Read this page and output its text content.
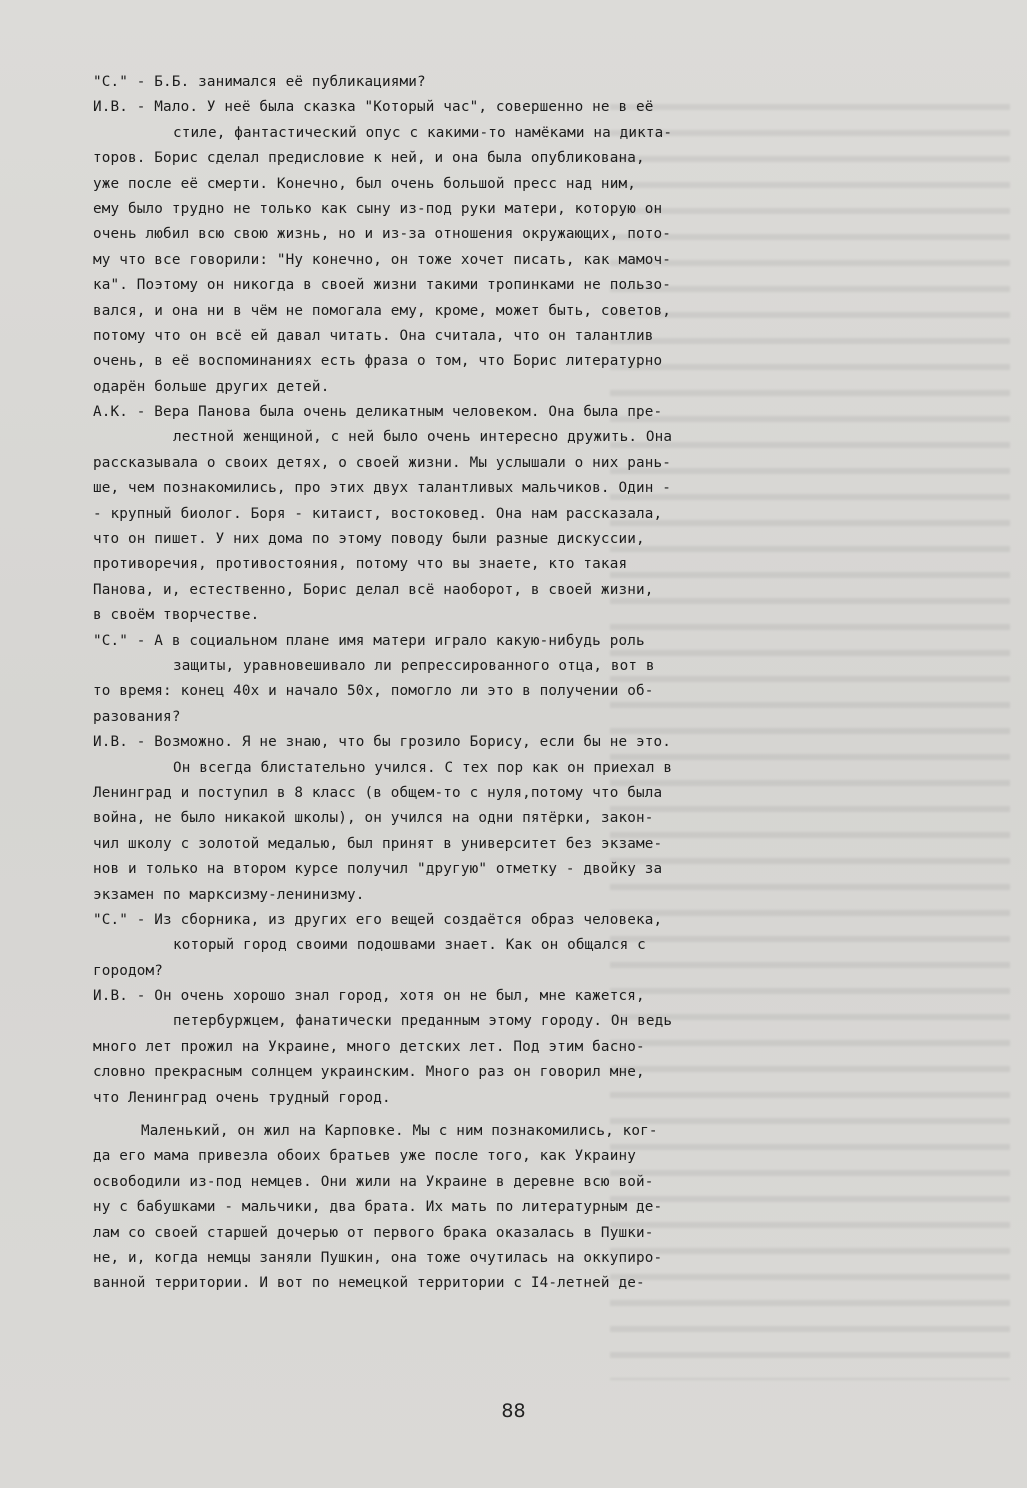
"С." - Б.Б. занимался её публикациями?
И.В. - Мало. У неё была сказка "Который час", совершенно не в её
стиле, фантастический опус с какими-то намёками на дикта-
торов. Борис сделал предисловие к ней, и она была опубликована,
уже после её смерти. Конечно, был очень большой пресс над ним,
ему было трудно не только как сыну из-под руки матери, которую он
очень любил всю свою жизнь, но и из-за отношения окружающих, пото-
му что все говорили: "Ну конечно, он тоже хочет писать, как мамоч-
ка". Поэтому он никогда в своей жизни такими тропинками не пользо-
вался, и она ни в чём не помогала ему, кроме, может быть, советов,
потому что он всё ей давал читать. Она считала, что он талантлив
очень, в её воспоминаниях есть фраза о том, что Борис литературно
одарён больше других детей.
А.К. - Вера Панова была очень деликатным человеком. Она была пре-
лестной женщиной, с ней было очень интересно дружить. Она
рассказывала о своих детях, о своей жизни. Мы услышали о них рань-
ше, чем познакомились, про этих двух талантливых мальчиков. Один -
- крупный биолог. Боря - китаист, востоковед. Она нам рассказала,
что он пишет. У них дома по этому поводу были разные дискуссии,
противоречия, противостояния, потому что вы знаете, кто такая
Панова, и, естественно, Борис делал всё наоборот, в своей жизни,
в своём творчестве.
"С." - А в социальном плане имя матери играло какую-нибудь роль
защиты, уравновешивало ли репрессированного отца, вот в
то время: конец 40х и начало 50х, помогло ли это в получении об-
разования?
И.В. - Возможно. Я не знаю, что бы грозило Борису, если бы не это.
Он всегда блистательно учился. С тех пор как он приехал в
Ленинград и поступил в 8 класс (в общем-то с нуля,потому что была
война, не было никакой школы), он учился на одни пятёрки, закон-
чил школу с золотой медалью, был принят в университет без экзаме-
нов и только на втором курсе получил "другую" отметку - двойку за
экзамен по марксизму-ленинизму.
"С." - Из сборника, из других его вещей создаётся образ человека,
который город своими подошвами знает. Как он общался с
городом?
И.В. - Он очень хорошо знал город, хотя он не был, мне кажется,
петербуржцем, фанатически преданным этому городу. Он ведь
много лет прожил на Украине, много детских лет. Под этим басно-
словно прекрасным солнцем украинским. Много раз он говорил мне,
что Ленинград очень трудный город.
Маленький, он жил на Карповке. Мы с ним познакомились, ког-
да его мама привезла обоих братьев уже после того, как Украину
освободили из-под немцев. Они жили на Украине в деревне всю вой-
ну с бабушками - мальчики, два брата. Их мать по литературным де-
лам со своей старшей дочерью от первого брака оказалась в Пушки-
не, и, когда немцы заняли Пушкин, она тоже очутилась на оккупиро-
ванной территории. И вот по немецкой территории с I4-летней де-
88
